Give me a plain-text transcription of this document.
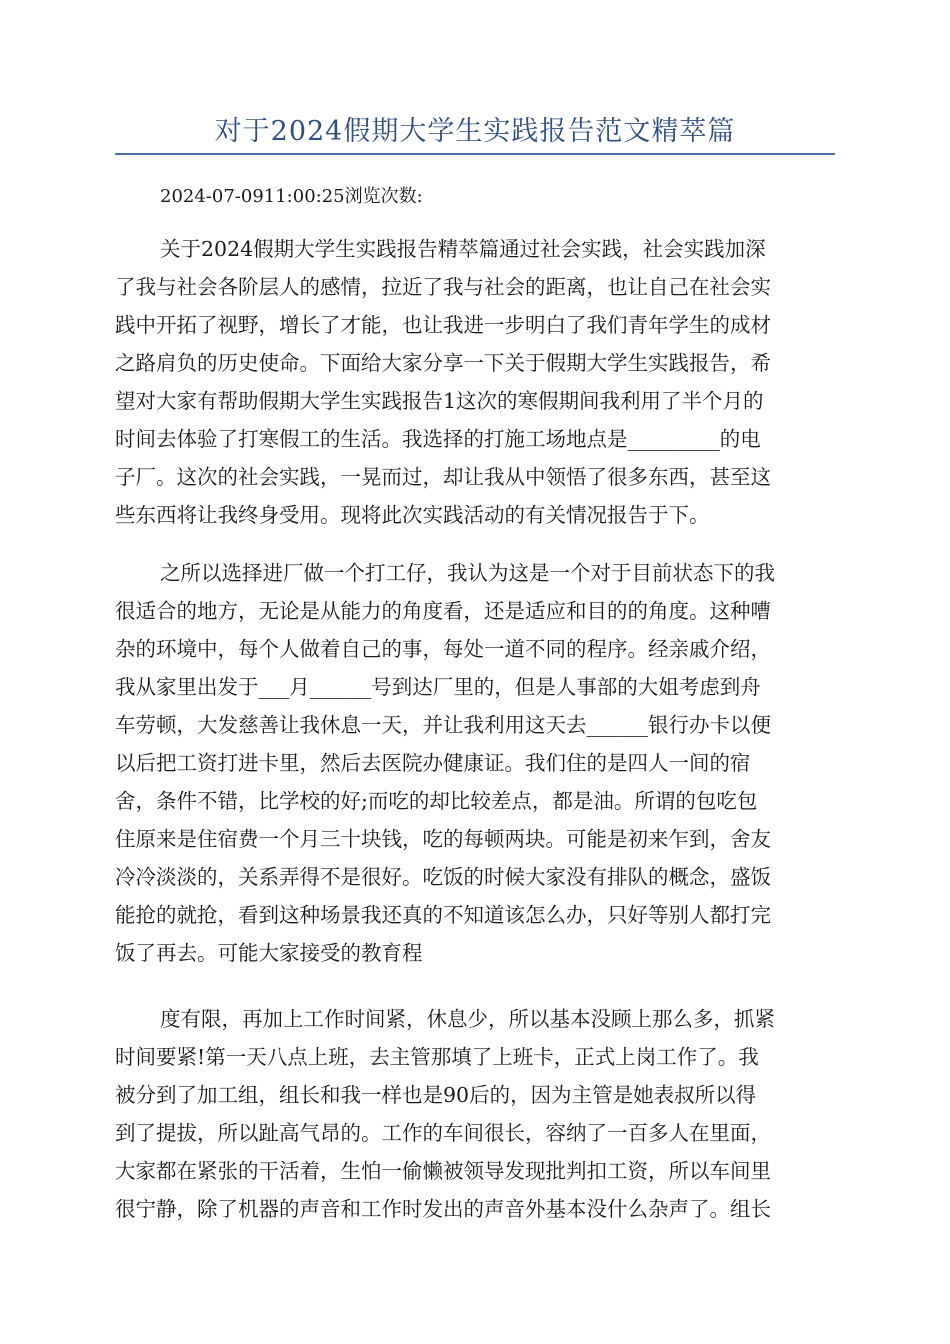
对于2024假期大学生实践报告范文精萃篇
2024-07-0911:00:25浏览次数:
关于2024假期大学生实践报告精萃篇通过社会实践，社会实践加深
了我与社会各阶层人的感情，拉近了我与社会的距离，也让自己在社会实
践中开拓了视野，增长了才能，也让我进一步明白了我们青年学生的成材
之路肩负的历史使命。下面给大家分享一下关于假期大学生实践报告，希
望对大家有帮助假期大学生实践报告1这次的寒假期间我利用了半个月的
时间去体验了打寒假工的生活。我选择的打施工场地点是_________的电
子厂。这次的社会实践，一晃而过，却让我从中领悟了很多东西，甚至这
些东西将让我终身受用。现将此次实践活动的有关情况报告于下。
之所以选择进厂做一个打工仔，我认为这是一个对于目前状态下的我
很适合的地方，无论是从能力的角度看，还是适应和目的的角度。这种嘈
杂的环境中，每个人做着自己的事，每处一道不同的程序。经亲戚介绍，
我从家里出发于___月______号到达厂里的，但是人事部的大姐考虑到舟
车劳顿，大发慈善让我休息一天，并让我利用这天去______银行办卡以便
以后把工资打进卡里，然后去医院办健康证。我们住的是四人一间的宿
舍，条件不错，比学校的好;而吃的却比较差点，都是油。所谓的包吃包
住原来是住宿费一个月三十块钱，吃的每顿两块。可能是初来乍到，舍友
冷冷淡淡的，关系弄得不是很好。吃饭的时候大家没有排队的概念，盛饭
能抢的就抢，看到这种场景我还真的不知道该怎么办，只好等别人都打完
饭了再去。可能大家接受的教育程
度有限，再加上工作时间紧，休息少，所以基本没顾上那么多，抓紧
时间要紧!第一天八点上班，去主管那填了上班卡，正式上岗工作了。我
被分到了加工组，组长和我一样也是90后的，因为主管是她表叔所以得
到了提拔，所以趾高气昂的。工作的车间很长，容纳了一百多人在里面，
大家都在紧张的干活着，生怕一偷懒被领导发现批判扣工资，所以车间里
很宁静，除了机器的声音和工作时发出的声音外基本没什么杂声了。组长
